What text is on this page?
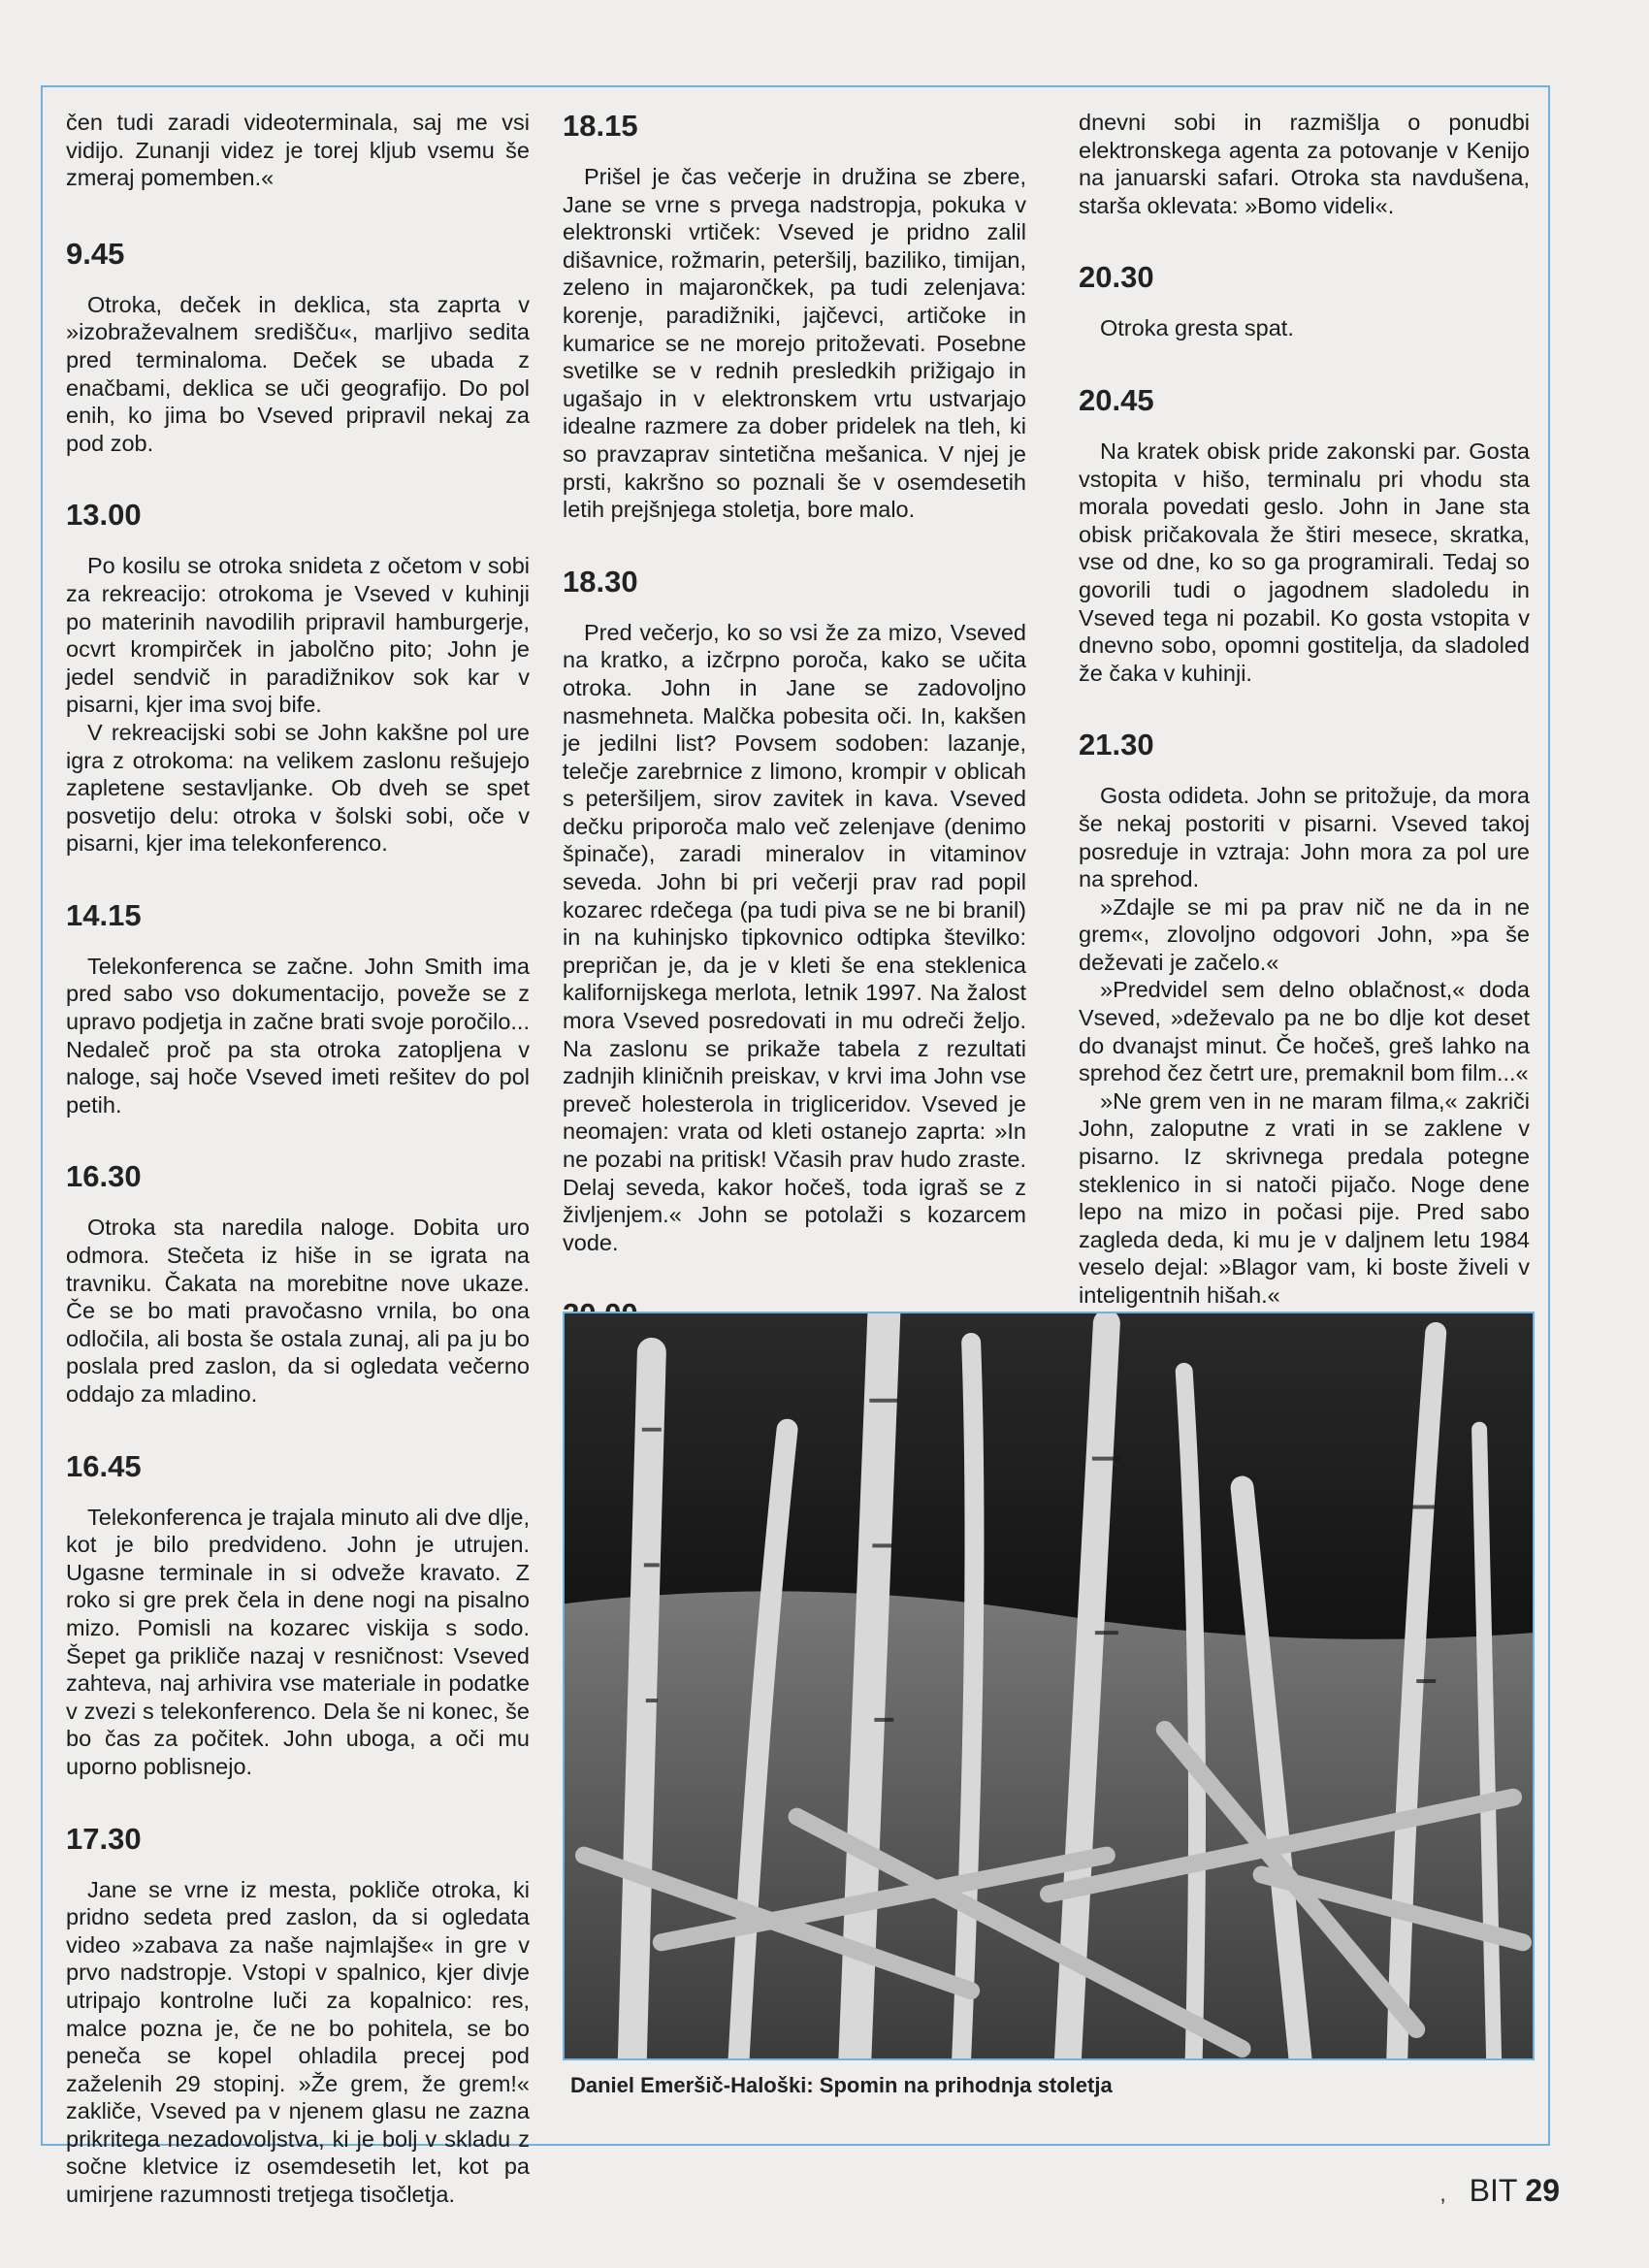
čen tudi zaradi videoterminala, saj me vsi vidijo. Zunanji videz je torej kljub vsemu še zmeraj pomemben.«

9.45

Otroka, deček in deklica, sta zaprta v »izobraževalnem središču«, marljivo sedita pred terminaloma. Deček se ubada z enačbami, deklica se uči geografijo. Do pol enih, ko jima bo Vseved pripravil nekaj za pod zob.

13.00

Po kosilu se otroka snideta z očetom v sobi za rekreacijo: otrokoma je Vseved v kuhinji po materinih navodilih pripravil hamburgerje, ocvrt krompirček in jabolčno pito; John je jedel sendvič in paradižnikov sok kar v pisarni, kjer ima svoj bife.

V rekreacijski sobi se John kakšne pol ure igra z otrokoma: na velikem zaslonu rešujejo zapletene sestavljanke. Ob dveh se spet posvetijo delu: otroka v šolski sobi, oče v pisarni, kjer ima telekonferenco.

14.15

Telekonferenca se začne. John Smith ima pred sabo vso dokumentacijo, poveže se z upravo podjetja in začne brati svoje poročilo... Nedaleč proč pa sta otroka zatopljena v naloge, saj hoče Vseved imeti rešitev do pol petih.

16.30

Otroka sta naredila naloge. Dobita uro odmora. Stečeta iz hiše in se igrata na travniku. Čakata na morebitne nove ukaze. Če se bo mati pravočasno vrnila, bo ona odločila, ali bosta še ostala zunaj, ali pa ju bo poslala pred zaslon, da si ogledata večerno oddajo za mladino.

16.45

Telekonferenca je trajala minuto ali dve dlje, kot je bilo predvideno. John je utrujen. Ugasne terminale in si odveže kravato. Z roko si gre prek čela in dene nogi na pisalno mizo. Pomisli na kozarec viskija s sodo. Šepet ga prikliče nazaj v resničnost: Vseved zahteva, naj arhivira vse materiale in podatke v zvezi s telekonferenco. Dela še ni konec, še bo čas za počitek. John uboga, a oči mu uporno poblisnejo.

17.30

Jane se vrne iz mesta, pokliče otroka, ki pridno sedeta pred zaslon, da si ogledata video »zabava za naše najmlajše« in gre v prvo nadstropje. Vstopi v spalnico, kjer divje utripajo kontrolne luči za kopalnico: res, malce pozna je, če ne bo pohitela, se bo peneča se kopel ohladila precej pod zaželenih 29 stopinj. »Že grem, že grem!« zakliče, Vseved pa v njenem glasu ne zazna prikritega nezadovoljstva, ki je bolj v skladu z sočne kletvice iz osemdesetih let, kot pa umirjene razumnosti tretjega tisočletja.

18.15

Prišel je čas večerje in družina se zbere, Jane se vrne s prvega nadstropja, pokuka v elektronski vrtiček: Vseved je pridno zalil dišavnice, rožmarin, peteršilj, baziliko, timijan, zeleno in majarončkek, pa tudi zelenjava: korenje, paradižniki, jajčevci, artičoke in kumarice se ne morejo pritoževati. Posebne svetilke se v rednih presledkih prižigajo in ugašajo in v elektronskem vrtu ustvarjajo idealne razmere za dober pridelek na tleh, ki so pravzaprav sintetična mešanica. V njej je prsti, kakršno so poznali še v osemdesetih letih prejšnjega stoletja, bore malo.

18.30

Pred večerjo, ko so vsi že za mizo, Vseved na kratko, a izčrpno poroča, kako se učita otroka. John in Jane se zadovoljno nasmehneta. Malčka pobesita oči. In, kakšen je jedilni list? Povsem sodoben: lazanje, telečje zarebrnice z limono, krompir v oblicah s peteršiljem, sirov zavitek in kava. Vseved dečku priporoča malo več zelenjave (denimo špinače), zaradi mineralov in vitaminov seveda. John bi pri večerji prav rad popil kozarec rdečega (pa tudi piva se ne bi branil) in na kuhinjsko tipkovnico odtipka številko: prepričan je, da je v kleti še ena steklenica kalifornijskega merlota, letnik 1997. Na žalost mora Vseved posredovati in mu odreči željo. Na zaslonu se prikaže tabela z rezultati zadnjih kliničnih preiskav, v krvi ima John vse preveč holesterola in trigliceridov. Vseved je neomajen: vrata od kleti ostanejo zaprta: »In ne pozabi na pritisk! Včasih prav hudo zrastе. Delaj seveda, kakor hočeš, toda igraš se z življenjem.« John se potolaži s kozarcem vode.

dnevni sobi in razmišlja o ponudbi elektronskega agenta za potovanje v Kenijo na januarski safari. Otroka sta navdušena, starša oklevata: »Bomo videli«.

20.30

Otroka gresta spat.

20.45

Na kratek obisk pride zakonski par. Gosta vstopita v hišo, terminalu pri vhodu sta morala povedati geslo. John in Jane sta obisk pričakovala že štiri mesece, skratka, vse od dne, ko so ga programirali. Tedaj so govorili tudi o jagodnem sladoledu in Vseved tega ni pozabil. Ko gosta vstopita v dnevno sobo, opomni gostitelja, da sladoled že čaka v kuhinji.

21.30

Gosta odideta. John se pritožuje, da mora še nekaj postoriti v pisarni. Vseved takoj posreduje in vztraja: John mora za pol ure na sprehod.

»Zdajle se mi pa prav nič ne da in ne grem«, zlovoljno odgovori John, »pa še deževati je začelo.«

»Predvidel sem delno oblačnost,« doda Vseved, »deževalo pa ne bo dlje kot deset do dvanajst minut. Če hočeš, greš lahko na sprehod čez četrt ure, premaknil bom film...«

»Ne grem ven in ne maram filma,« zakriči John, zaloputne z vrati in se zaklene v pisarno. Iz skrivnega predala potegne steklenico in si natoči pijačo. Noge dene lepo na mizo in počasi pije. Pred sabo zagleda deda, ki mu je v daljnem letu 1984 veselo dejal: »Blagor vam, ki boste živeli v inteligentnih hišah.«

Daniel Emeršič-Haloški: Spomin na prihodnja stoletja
, BIT 29
